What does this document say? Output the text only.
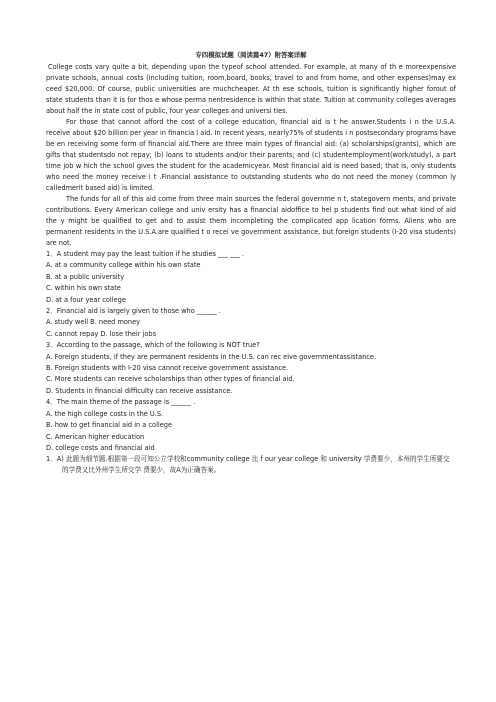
专四模拟试题（阅读篇47）附答案详解

College costs vary quite a bit, depending upon the typeof school attended. For example, at many of th e moreexpensive private schools, annual costs (including tuition, room,board, books, travel to and from home, and other expenses)may ex ceed $20,000. Of course, public universities are muchcheaper. At th ese schools, tuition is significantly higher forout of state students than it is for thos e whose perma nentresidence is within that state. Tuition at community colleges averages about half the in state cost of public, four year colleges and universi ties.

For those that cannot afford the cost of a college education, financial aid is t he answer.Students i n the U.S.A. receive about $20 billion per year in financia l aid. In recent years, nearly75% of students i n postsecondary programs have be en receiving some form of financial aid.There are three main types of financial aid: (a) scholarships(grants), which are gifts that studentsdo not repay; (b) loans to students and/or their parents; and (c) studentemployment(work/study), a part time job w hich the school gives the student for the academicyear. Most financial aid is need based; that is, only students who need the money receive i t .Financial assistance to outstanding students who do not need the money (common ly calledmerit based aid) is limited.

The funds for all of this aid come from three main sources the federal governme n t, stategovern ments, and private contributions. Every American college and univ ersity has a financial aidoffice to hel p students find out what kind of aid the y might be qualified to get and to assist them incompleting the complicated app lication forms. Aliens who are permanent residents in the U.S.A.are qualified t o recei ve government assistance, but foreign students (I-20 visa students) are not.

1．A student may pay the least tuition if he studies ___ ___ .

A. at a community college within his own state

B. at a public university

C. within his own state

D. at a four year college

2．Financial aid is largely given to those who ______ .

A. study well B. need money

C. cannot repay D. lose their jobs

3．According to the passage, which of the following is NOT true?

A. Foreign students, if they are permanent residents in the U.S. can rec eive governmentassistance.

B. Foreign students with I-20 visa cannot receive government assistance.

C. More students can receive scholarships than other types of financial aid.

D. Students in financial difficulty can receive assistance.

4．The main theme of the passage is ______ .

A. the high college costs in the U.S.

B. how to get financial aid in a college

C. American higher education

D. college costs and financial aid

1．A) 此题为细节题.根据第一段可知公立学校和community college 比 f our year college 和 university 学费要少，本州的学生所要交的学费又比外州学生所交学 费要少，故A为正确答案。
